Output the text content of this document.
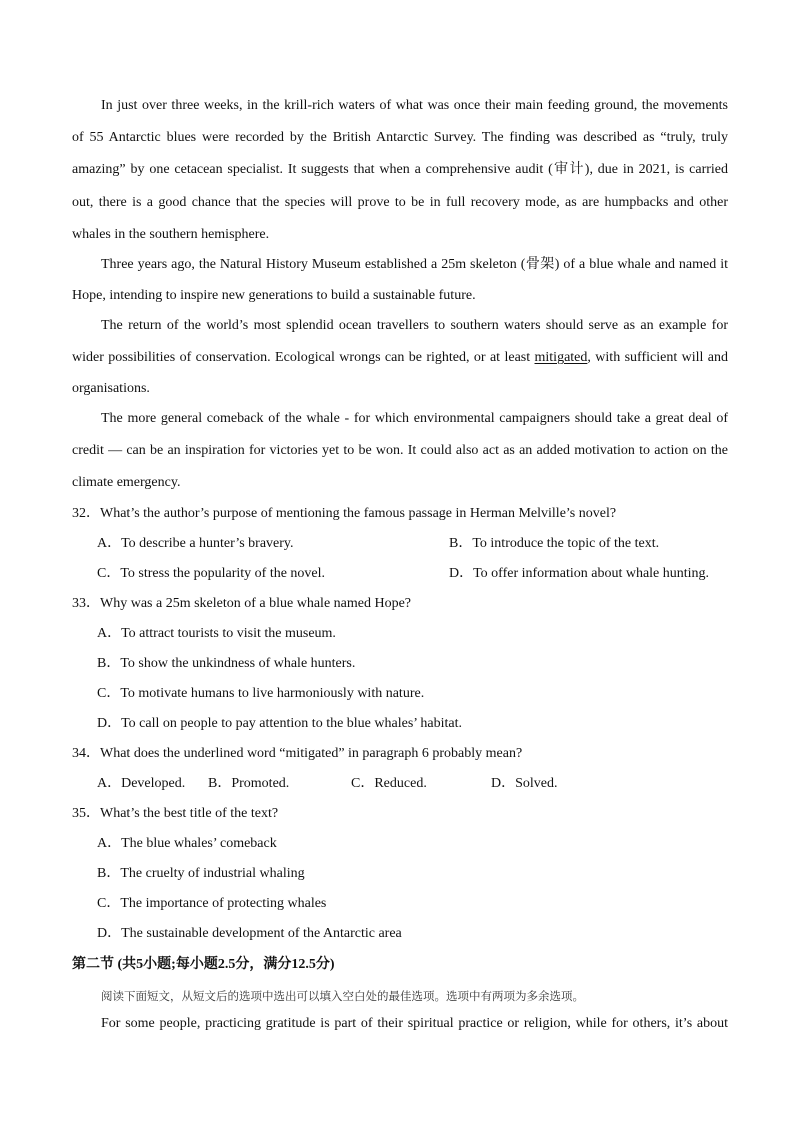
In just over three weeks, in the krill-rich waters of what was once their main feeding ground, the movements
of 55 Antarctic blues were recorded by the British Antarctic Survey. The finding was described as “truly, truly
amazing” by one cetacean specialist. It suggests that when a comprehensive audit (审计), due in 2021, is carried
out, there is a good chance that the species will prove to be in full recovery mode, as are humpbacks and other
whales in the southern hemisphere.
Three years ago, the Natural History Museum established a 25m skeleton (骨架) of a blue whale and named it
Hope, intending to inspire new generations to build a sustainable future.
The return of the world’s most splendid ocean travellers to southern waters should serve as an example for
wider possibilities of conservation. Ecological wrongs can be righted, or at least mitigated, with sufficient will and
organisations.
The more general comeback of the whale - for which environmental campaigners should take a great deal of
credit — can be an inspiration for victories yet to be won. It could also act as an added motivation to action on the
climate emergency.
32．What’s the author’s purpose of mentioning the famous passage in Herman Melville’s novel?
A．To describe a hunter’s bravery.	B．To introduce the topic of the text.
C．To stress the popularity of the novel.	D．To offer information about whale hunting.
33．Why was a 25m skeleton of a blue whale named Hope?
A．To attract tourists to visit the museum.
B．To show the unkindness of whale hunters.
C．To motivate humans to live harmoniously with nature.
D．To call on people to pay attention to the blue whales’ habitat.
34．What does the underlined word “mitigated” in paragraph 6 probably mean?
A．Developed. B．Promoted.	C．Reduced.	D．Solved.
35．What’s the best title of the text?
A．The blue whales’ comeback
B．The cruelty of industrial whaling
C．The importance of protecting whales
D．The sustainable development of the Antarctic area
第二节 (共5小题;每小题2.5分，满分12.5分)
阅读下面短文，从短文后的选项中选出可以填入空白处的最佳选项。选项中有两项为多余选项。
For some people, practicing gratitude is part of their spiritual practice or religion, while for others, it’s about
